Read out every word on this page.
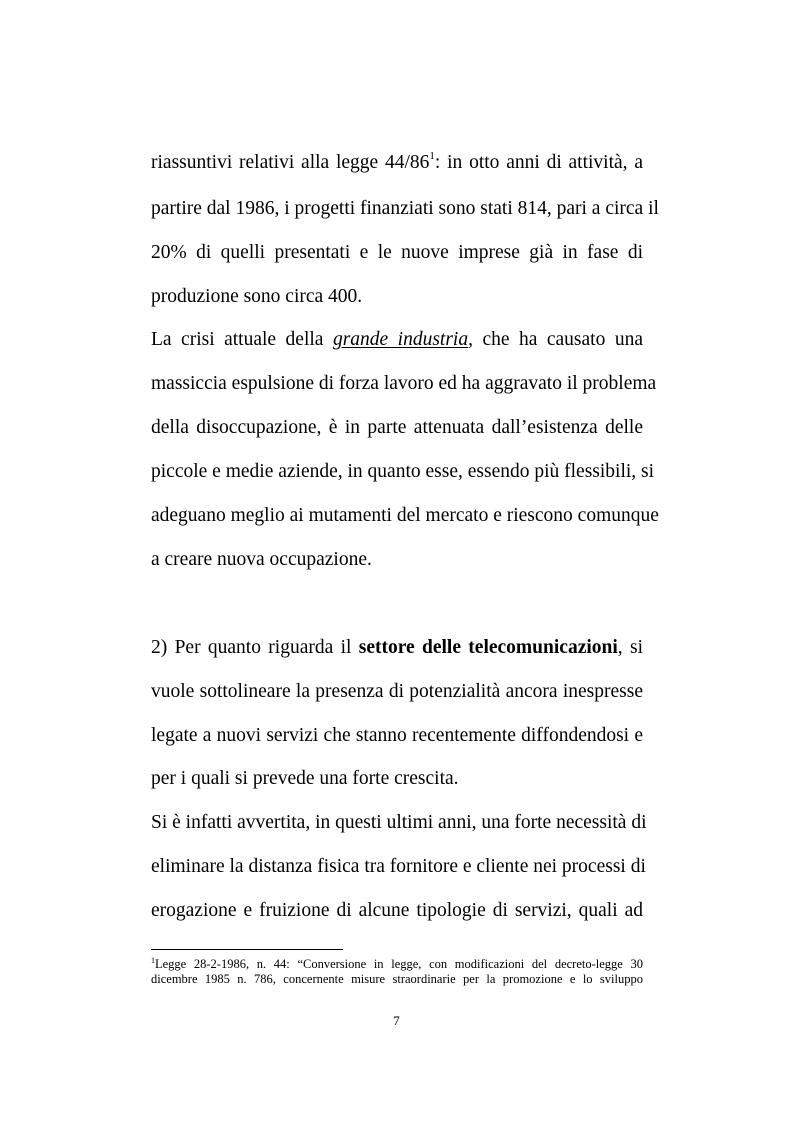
riassuntivi relativi alla legge 44/86$^1$: in otto anni di attività, a
partire dal 1986, i progetti finanziati sono stati 814, pari a circa il
20% di quelli presentati e le nuove imprese già in fase di
produzione sono circa 400.
La crisi attuale della grande industria, che ha causato una
massiccia espulsione di forza lavoro ed ha aggravato il problema
della disoccupazione, è in parte attenuata dall’esistenza delle
piccole e medie aziende, in quanto esse, essendo più flessibili, si
adeguano meglio ai mutamenti del mercato e riescono comunque
a creare nuova occupazione.
2) Per quanto riguarda il settore delle telecomunicazioni, si
vuole sottolineare la presenza di potenzialità ancora inespresse
legate a nuovi servizi che stanno recentemente diffondendosi e
per i quali si prevede una forte crescita.
Si è infatti avvertita, in questi ultimi anni, una forte necessità di
eliminare la distanza fisica tra fornitore e cliente nei processi di
erogazione e fruizione di alcune tipologie di servizi, quali ad
$^1$Legge 28-2-1986, n. 44: “Conversione in legge, con modificazioni del decreto-legge 30
dicembre 1985 n. 786, concernente misure straordinarie per la promozione e lo sviluppo
7
